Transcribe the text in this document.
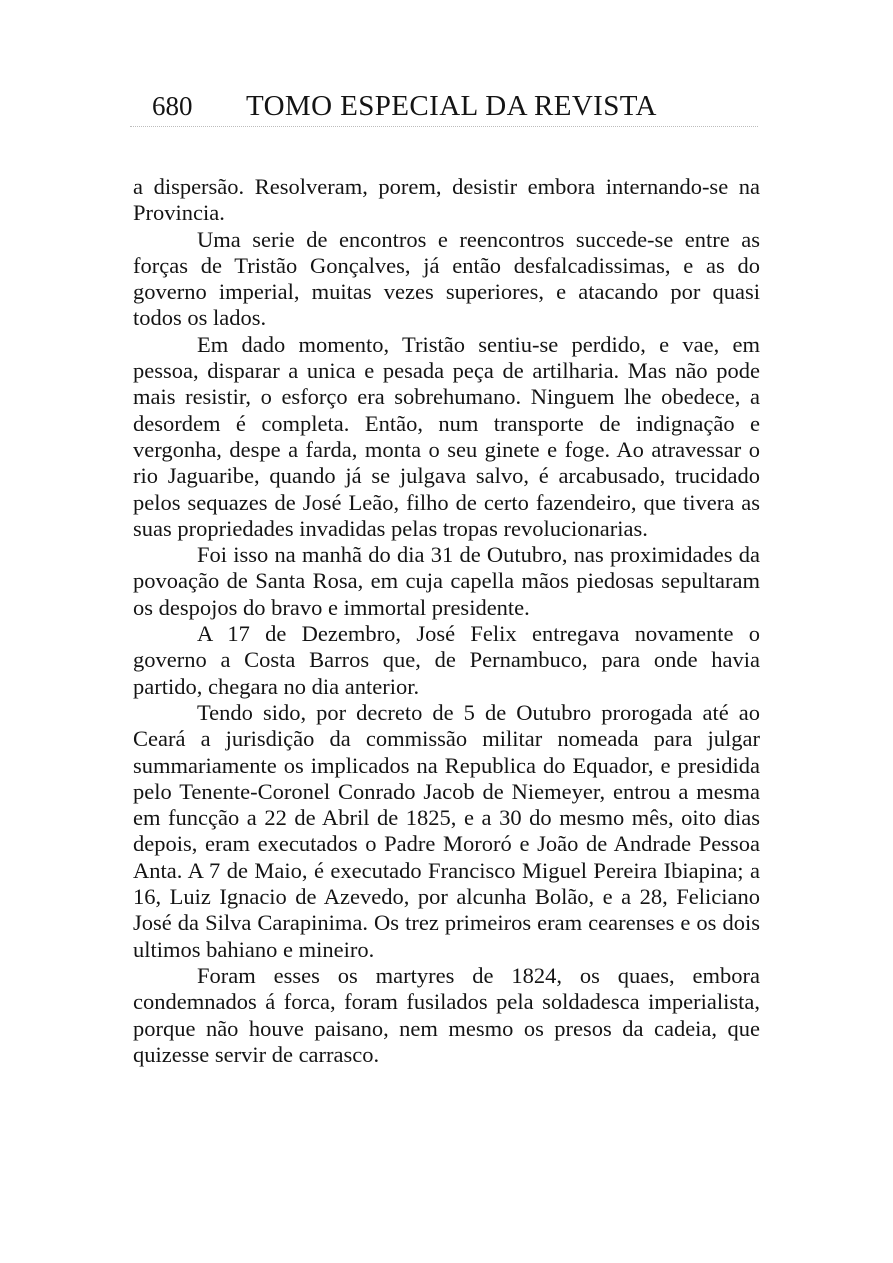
680 TOMO ESPECIAL DA REVISTA

a dispersão. Resolveram, porem, desistir embora internando-se na Provincia.

Uma serie de encontros e reencontros succede-se entre as forças de Tristão Gonçalves, já então desfalcadissimas, e as do governo imperial, muitas vezes superiores, e atacando por quasi todos os lados.

Em dado momento, Tristão sentiu-se perdido, e vae, em pessoa, disparar a unica e pesada peça de artilharia. Mas não pode mais resistir, o esforço era sobrehumano. Ninguem lhe obedece, a desordem é completa. Então, num transporte de indignação e vergonha, despe a farda, monta o seu ginete e foge. Ao atravessar o rio Jaguaribe, quando já se julgava salvo, é arcabusado, trucidado pelos sequazes de José Leão, filho de certo fazendeiro, que tivera as suas propriedades invadidas pelas tropas revolucionarias.

Foi isso na manhã do dia 31 de Outubro, nas proximidades da povoação de Santa Rosa, em cuja capella mãos piedosas sepultaram os despojos do bravo e immortal presidente.

A 17 de Dezembro, José Felix entregava novamente o governo a Costa Barros que, de Pernambuco, para onde havia partido, chegara no dia anterior.

Tendo sido, por decreto de 5 de Outubro prorogada até ao Ceará a jurisdição da commissão militar nomeada para julgar summariamente os implicados na Republica do Equador, e presidida pelo Tenente-Coronel Conrado Jacob de Niemeyer, entrou a mesma em funcção a 22 de Abril de 1825, e a 30 do mesmo mês, oito dias depois, eram executados o Padre Mororó e João de Andrade Pessoa Anta. A 7 de Maio, é executado Francisco Miguel Pereira Ibiapina; a 16, Luiz Ignacio de Azevedo, por alcunha Bolão, e a 28, Feliciano José da Silva Carapinima. Os trez primeiros eram cearenses e os dois ultimos bahiano e mineiro.

Foram esses os martyres de 1824, os quaes, embora condemnados á forca, foram fusilados pela soldadesca imperialista, porque não houve paisano, nem mesmo os presos da cadeia, que quizesse servir de carrasco.
